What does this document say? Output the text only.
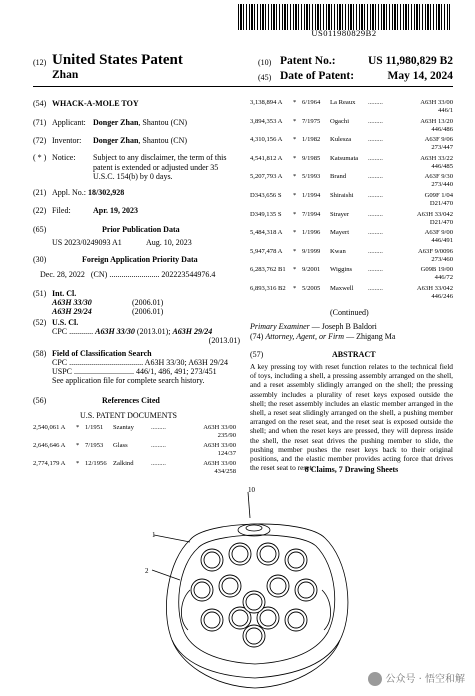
US011980829B2
(12) United States Patent
Zhan
(10) Patent No.:	US 11,980,829 B2
(45) Date of Patent:	May 14, 2024
(54) WHACK-A-MOLE TOY
(71) Applicant: Donger Zhan, Shantou (CN)
(72) Inventor: Donger Zhan, Shantou (CN)
( * ) Notice: Subject to any disclaimer, the term of this
patent is extended or adjusted under 35
U.S.C. 154(b) by 0 days.
(21) Appl. No.: 18/302,928
(22) Filed:	Apr. 19, 2023
(65)	Prior Publication Data
US 2023/0249093 A1	Aug. 10, 2023
(30)	Foreign Application Priority Data
Dec. 28, 2022   (CN) ......................... 202223544976.4
(51) Int. Cl.
A63H 33/30	(2006.01)
A63H 29/24	(2006.01)
(52) U.S. Cl.
CPC ............ A63H 33/30 (2013.01); A63H 29/24
(2013.01)
(58) Field of Classification Search
CPC ..................................... A63H 33/30; A63H 29/24
USPC .............................. 446/1, 486, 491; 273/451
See application file for complete search history.
(56)	References Cited
U.S. PATENT DOCUMENTS
2,540,061 A * 1/1951 Szantay	.........	A63H 33/00
235/90
2,646,646 A * 7/1953 Glass	.........	A63H 33/00
124/37
2,774,179 A * 12/1956 Zalkind	.........	A63H 33/00
434/258
3,138,894 A * 6/1964 La Reaux .........	A63H 33/00
446/1
3,894,353 A * 7/1975 Ogachi	.........	A63H 13/20
446/486
4,310,156 A * 1/1982 Kulesza	.........	A63F 9/06
273/447
4,541,812 A * 9/1985 Katsumata .........	A63H 33/22
446/485
5,207,793 A * 5/1993 Brand	.........	A63F 9/30
273/440
D343,656 S * 1/1994 Shiraishi .........	G09F 1/04
D21/470
D349,135 S * 7/1994 Strayer	.........	A63H 33/042
D21/470
5,484,318 A * 1/1996 Mayert	.........	A63F 9/00
446/491
5,947,478 A * 9/1999 Kwan	.........	A63F 9/0096
273/460
6,283,762 B1 * 9/2001 Wiggins .........	G09B 19/00
446/72
6,893,316 B2 * 5/2005 Maxwell .........	A63H 33/042
446/246
(Continued)
Primary Examiner — Joseph B Baldori
(74) Attorney, Agent, or Firm — Zhigang Ma
(57)	ABSTRACT
A key pressing toy with reset function relates to the technical field of toys, including a shell, a pressing assembly arranged on the shell, and a reset assembly slidingly arranged on the shell; the pressing assembly includes a plurality of reset keys exposed outside the shell; the reset assembly includes an elastic member arranged in the shell, a reset seat slidingly arranged on the shell, a pushing member arranged on the reset seat, and the reset seat is exposed outside the shell; and when the reset keys are pressed, they will depress inside the shell, the reset seat drives the pushing member to slide, the pushing member pushes the reset keys back to their original positions, and the elastic member provides acting force that drives the reset seat to reset.
8 Claims, 7 Drawing Sheets
10
1
2
公众号 · 悟空和解
